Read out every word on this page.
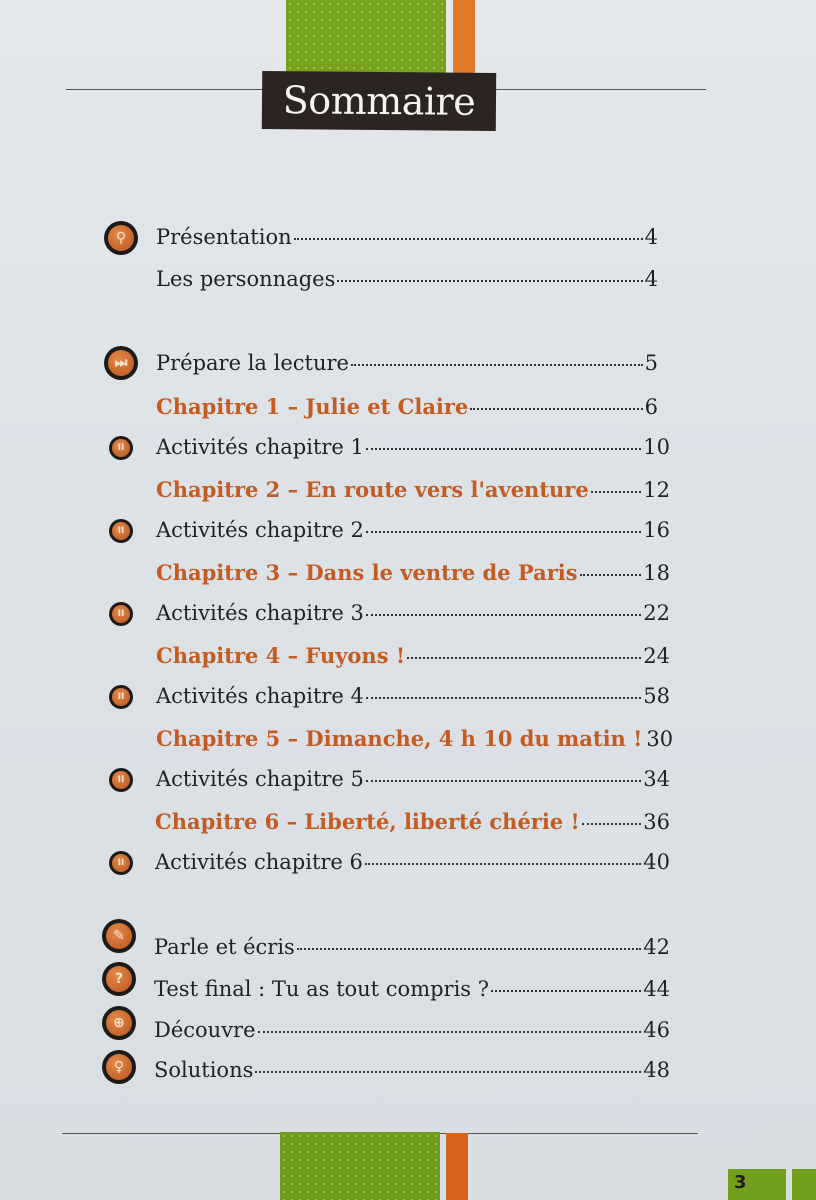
Sommaire
⚲
⏭
II
II
II
II
II
II
✎
?
⊕
♀
Présentation	4
Les personnages	4
Prépare la lecture	5
Chapitre 1 – Julie et Claire	6
Activités chapitre 1	10
Chapitre 2 – En route vers l'aventure	12
Activités chapitre 2	16
Chapitre 3 – Dans le ventre de Paris	18
Activités chapitre 3	22
Chapitre 4 – Fuyons !	24
Activités chapitre 4	58
Chapitre 5 – Dimanche, 4 h 10 du matin ! 30
Activités chapitre 5	34
Chapitre 6 – Liberté, liberté chérie !	36
Activités chapitre 6	40
Parle et écris	42
Test final : Tu as tout compris ?	44
Découvre	46
Solutions	48
3
